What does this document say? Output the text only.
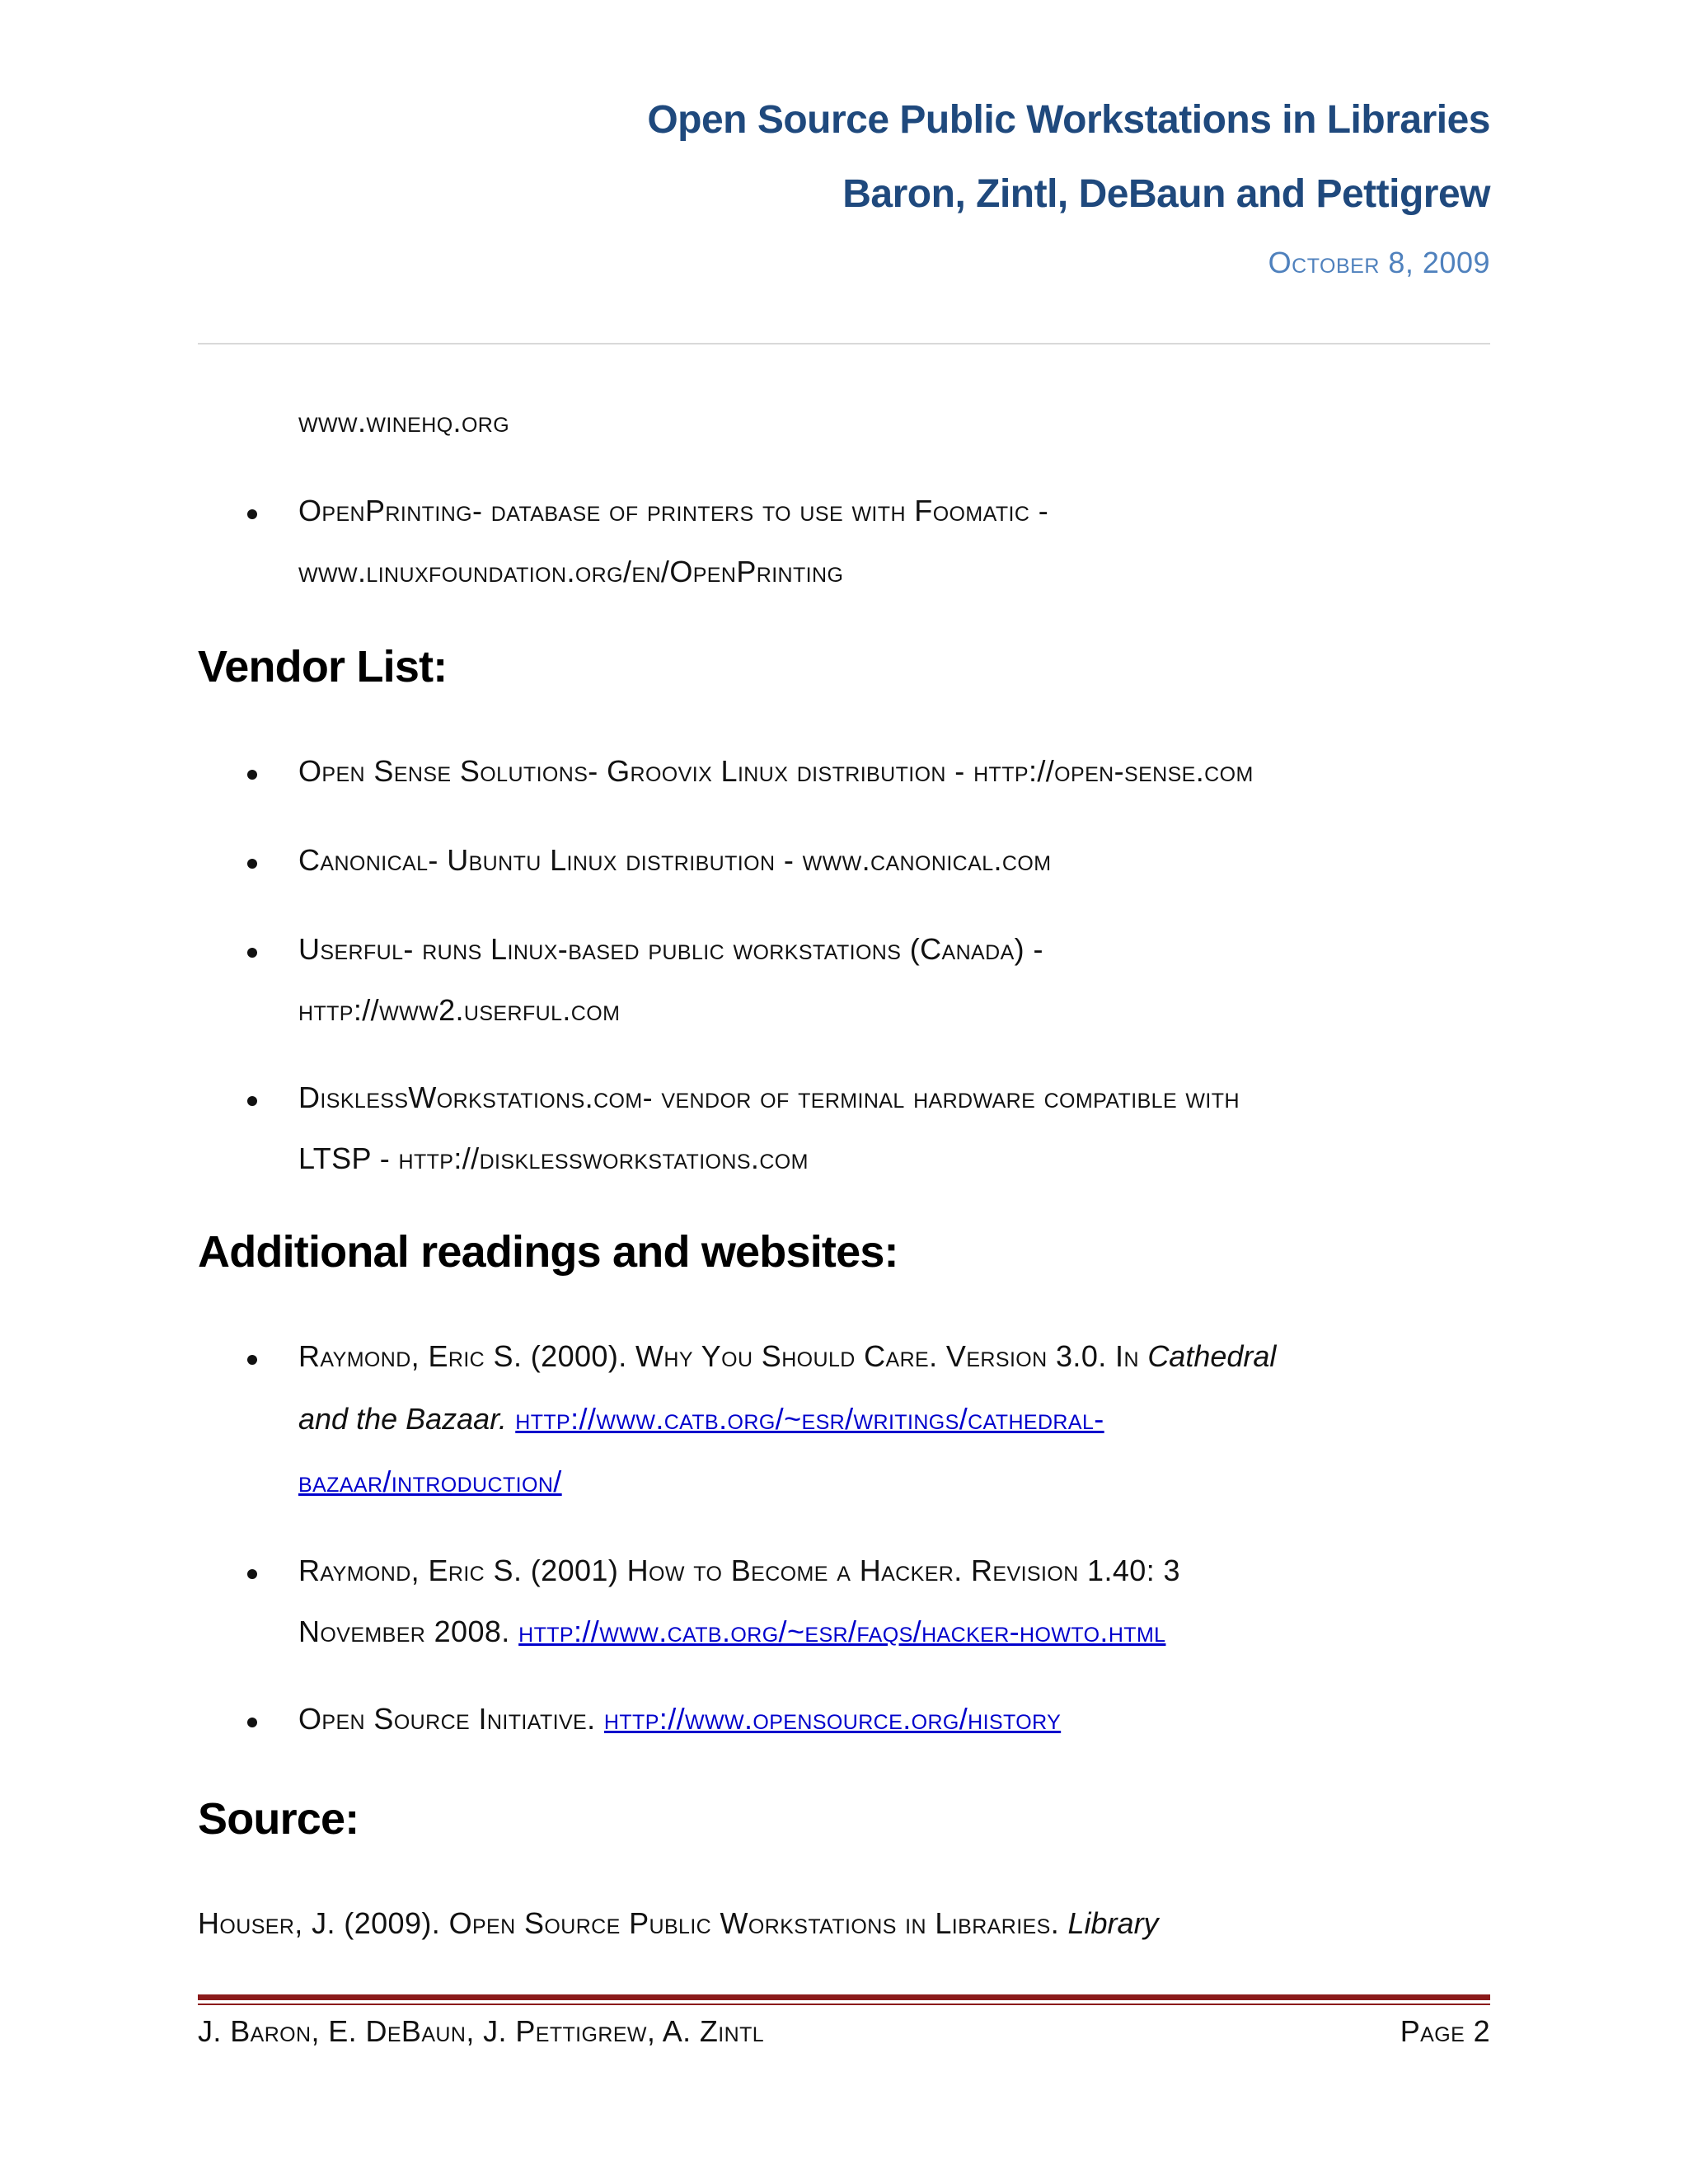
Open Source Public Workstations in Libraries
Baron, Zintl, DeBaun and Pettigrew
October 8, 2009
www.winehq.org
OpenPrinting- database of printers to use with Foomatic -
www.linuxfoundation.org/en/OpenPrinting
Vendor List:
Open Sense Solutions- Groovix Linux distribution - http://open-sense.com
Canonical- Ubuntu Linux distribution - www.canonical.com
Userful- runs Linux-based public workstations (Canada) -
http://www2.userful.com
DisklessWorkstations.com- vendor of terminal hardware compatible with
LTSP - http://disklessworkstations.com
Additional readings and websites:
Raymond, Eric S. (2000). Why You Should Care. Version 3.0. In Cathedral
and the Bazaar. http://www.catb.org/~esr/writings/cathedral-
bazaar/introduction/
Raymond, Eric S. (2001) How to Become a Hacker. Revision 1.40: 3
November 2008. http://www.catb.org/~esr/faqs/hacker-howto.html
Open Source Initiative. http://www.opensource.org/history
Source:
Houser, J. (2009). Open Source Public Workstations in Libraries. Library
J. Baron, E. DeBaun, J. Pettigrew, A. Zintl	Page 2
